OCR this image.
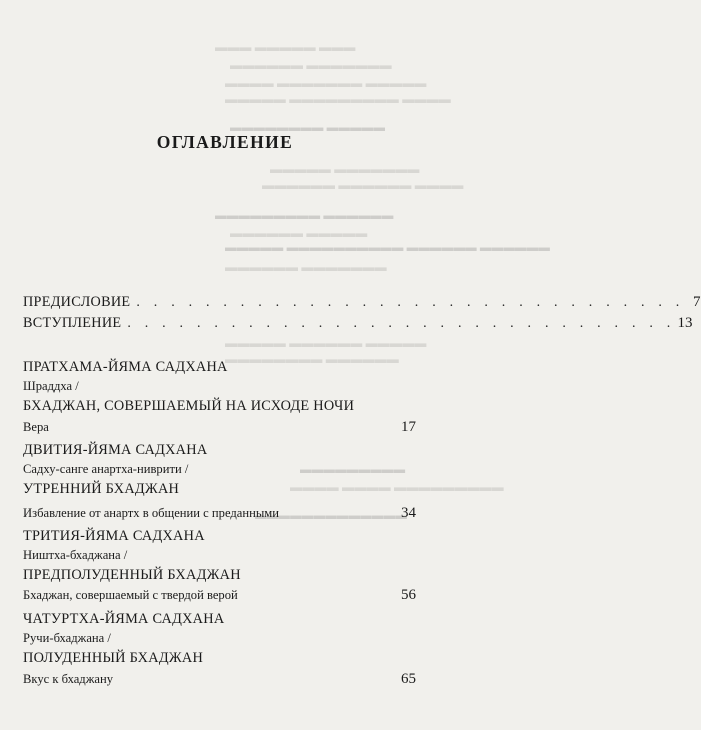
▬▬▬ ▬▬▬▬▬ ▬▬▬
▬▬▬▬▬▬ ▬▬▬▬▬▬▬
▬▬▬▬ ▬▬▬▬▬▬▬ ▬▬▬▬▬
▬▬▬▬▬ ▬▬▬▬▬▬▬▬▬ ▬▬▬▬
▬▬▬▬▬▬▬▬ ▬▬▬▬▬
▬▬▬▬▬ ▬▬▬▬▬▬▬
▬▬▬▬▬▬ ▬▬▬▬▬▬ ▬▬▬▬
▬▬▬▬▬▬▬▬▬ ▬▬▬▬▬▬
▬▬▬▬▬▬ ▬▬▬▬▬
▬▬▬▬▬ ▬▬▬▬▬▬▬▬▬▬ ▬▬▬▬▬▬ ▬▬▬▬▬▬
▬▬▬▬▬▬ ▬▬▬▬▬▬▬
▬▬▬▬▬ ▬▬▬▬▬▬ ▬▬▬▬▬
▬▬▬▬▬▬▬▬ ▬▬▬▬▬▬
▬▬▬▬▬▬▬▬▬
▬▬▬▬ ▬▬▬▬ ▬▬▬▬▬▬▬▬▬
▬▬▬▬▬▬▬▬▬▬▬▬▬
ОГЛАВЛЕНИЕ
ПРЕДИСЛОВИЕ . . . . . . . . . . . . . . . . . . . . . . . . . . . . . . . . 7
ВСТУПЛЕНИЕ . . . . . . . . . . . . . . . . . . . . . . . . . . . . . . . . 13
ПРАТХАМА-ЙЯМА САДХАНА
Шраддха /
БХАДЖАН, СОВЕРШАЕМЫЙ НА ИСХОДЕ НОЧИ
Вера	17
ДВИТИЯ-ЙЯМА САДХАНА
Садху-санге анартха-ниврити /
УТРЕННИЙ БХАДЖАН
Избавление от анартх в общении с преданными	34
ТРИТИЯ-ЙЯМА САДХАНА
Ништха-бхаджана /
ПРЕДПОЛУДЕННЫЙ БХАДЖАН
Бхаджан, совершаемый с твердой верой	56
ЧАТУРТХА-ЙЯМА САДХАНА
Ручи-бхаджана /
ПОЛУДЕННЫЙ БХАДЖАН
Вкус к бхаджану	65
